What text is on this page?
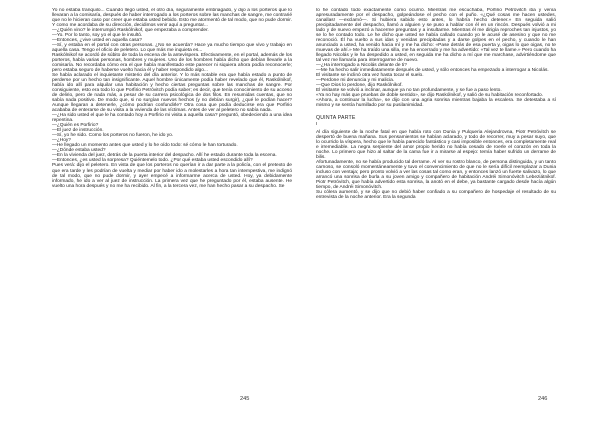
Yo no estaba tranquilo... Cuando llegó usted, el otro día, seguramente embriagado, y dijo a los porteros que lo llevaran a la comisaría, después de haber interrogado a los porteros sobre las manchas de sangre, me contrarié que no le hicieran caso por creer que estaba usted bebido. Esto me atormentó de tal modo, que no pude dormir. Y como me acordaba de su dirección, decidimos venir aquí a preguntar...

—¿Quién vino? le interrumpió Raskólnikof, que empezaba a comprender.

—Yo. Por lo tanto, soy yo el que le insultó.

—Entonces, ¿vive usted en aquella casa?

—Sí, y estaba en el portal con otras personas. ¿No se acuerda? Hace ya mucho tiempo que vivo y trabajo en aquella casa. Tengo el oficio de peletero. Lo que más me inquieta es...

Raskólnikof se acordó de súbito de toda la escena de la antevíspera. Efectivamente, en el portal, además de los porteros, había varias personas, hombres y mujeres. Uno de los hombres había dicho que debían llevarle a la comisaría. No recordaba cómo era el que había manifestado este parecer ni siquiera ahora podía reconocerle; pero estaba seguro de haberse vuelto hacia él y haber respondido algo...

Se había aclarado el inquietante misterio del día anterior. Y lo más notable era que había estado a punto de perderse por un hecho tan insignificante. Aquel hombre únicamente podía haber revelado que él, Raskólnikof, había ido allí para alquilar una habitación y hecho ciertas preguntas sobre las manchas de sangre. Por consiguiente, esto era todo lo que Porfirio Petróvitch podía saber; es decir, que tenía conocimiento de su acceso de delirio, pero de nada más, a pesar de su carrera psicológica de dos filos. En resumidas cuentas, que no sabía nada positivo. De modo que, si no surgían nuevos hechos (y no debían surgir), ¿qué le podían hacer? Aunque llegaran a detenerle, ¿cómo podrían confundirle? Otra cosa que podía deducirse era que Porfirio acababa de enterarse de su visita a la vivienda de las víctimas. Antes de ver al peletero no sabía nada.

—¿Ha sido usted el que le ha contado hoy a Porfirio mi visita a aquella casa? preguntó, obedeciendo a una idea repentina.

—¿Quién es Porfirio?

—El juez de instrucción.

—Sí, yo he sido. Como los porteros no fueron, he ido yo.

—¿Hoy?

—He llegado un momento antes que usted y lo he oído todo: sé cómo le han torturado.

—¿Dónde estaba usted?

—En la vivienda del juez, detrás de la puerta interior del despacho. Allí he estado durante toda la escena.

—Entonces, ¿es usted la sorpresa? Quiéntemelo todo. ¿Por qué estaba usted escondido allí?

Pues verá: dijo el peletero. En vista de que los porteros no querían ir a dar parte a la policía, con el pretexto de que era tarde y les podrían de vuelta y mediar por haber ido a molestarles a hora tan intempestiva, me indignó de tal modo, que no pude dormir, y ayer empecé a informarme acerca de usted. Hoy, ya debidamente informado, he ido a ver al juez de instrucción. La primera vez que he preguntado por él, estaba ausente. He vuelto una hora después y no me ha recibido. Al fin, a la tercera vez, me han hecho pasar a su despacho. Se

245

lo he contado todo exactamente como ocurrió. Mientras me escuchaba, Porfirio Petróvitch iba y venía apresuradamente por el despacho, golpeándose el pecho con el puño. «¿Qué cosas me hacen ustedes, canallas! —exclamó—. Si hubiera sabido esto antes, lo habría hecho detener.» En seguida salió precipitadamente del despacho, llamó a alguien y se puso a hablar con él en un rincón. Después volvió a mi lado y de nuevo empezó a hacerme preguntas y a insultarme. Mientras él me dirigía reproches tan injustos, yo se lo he contado todo. Le he dicho que usted se había callado cuando yo le acusé de asesino y que no me reconoció. Él ha vuelto a sus idas y venidas precipitadas y a darse golpes en el pecho, y cuando le han anunciado a usted, ha venido hacia mí y me ha dicho: «Pase detrás de esa puerta y, oigas lo que oigas, no te muevas de ahí.» Me ha traído una silla, me ha encerrado y me ha advertido: «Tal vez te llame.» Pero cuando ha llegado Nicolás y le ha despedido a usted, en seguida me ha dicho a mí que me marchase, advirtiéndome que tal vez me llamaría para interrogarme de nuevo.

—¿Ha interrogado a Nicolás delante de ti?

—Me ha hecho salir inmediatamente después de usted, y sólo entonces ha empezado a interrogar a Nicolás.

El visitante se inclinó otra vez hasta tocar el suelo.

—Perdone mi denuncia y mi malicia.

—Que Dios lo perdone, dijo Raskólnikof.

El visitante se volvió a inclinar, aunque ya no tan profundamente, y se fue a paso lento.

«Ya no hay más que pruebas de doble sentido», se dijo Raskólnikof, y salió de su habitación reconfortado.

«Ahora, a continuar la lucha», se dijo con una agria sonrisa mientras bajaba la escalera. Se detestaba a sí mismo y se sentía humillado por su pusilanimidad.

QUINTA PARTE

I

Al día siguiente de la noche fatal en que había roto con Dunia y Pulqueria Alejandrovna, Piotr Petróvitch se despertó de buena mañana. Sus pensamientos se habían aclarado, y todo de recorrer, muy a pesar suyo, que lo ocurrido la víspera, hecho que le había parecido fantástico y casi imposible entonces, era completamente real e irremediable. La negra serpiente del amor propio herido no había cesado de roerle el corazón en toda la noche. Lo primero que hizo al saltar de la cama fue ir a mirarse al espejo: temía haber sufrido un derrame de bilis.

Afortunadamente, no se había producido tal derrame. Al ver su rostro blanco, de persona distinguida, y un tanto carnoso, se consoló momentáneamente y tuvo el convencimiento de que no le sería difícil reemplazar a Dunia incluso con ventaja; pero pronto volvió a ver las cosas tal como eran, y entonces lanzó un fuerte salivazo, lo que arrancó una sonrisa de burla a su joven amigo y compañero de habitación Andréi Simonóvitch Lebeziátnikof. Piotr Petróvitch, que había advertido esta sonrisa, la anotó en el debe, ya bastante cargado desde hacía algún tiempo, de Andréi Simonóvitch.

Su cólera aumentó, y se dijo que no debió haber confiado a su compañero de hospedaje el resultado de su entrevista de la noche anterior. Era la segunda

246
